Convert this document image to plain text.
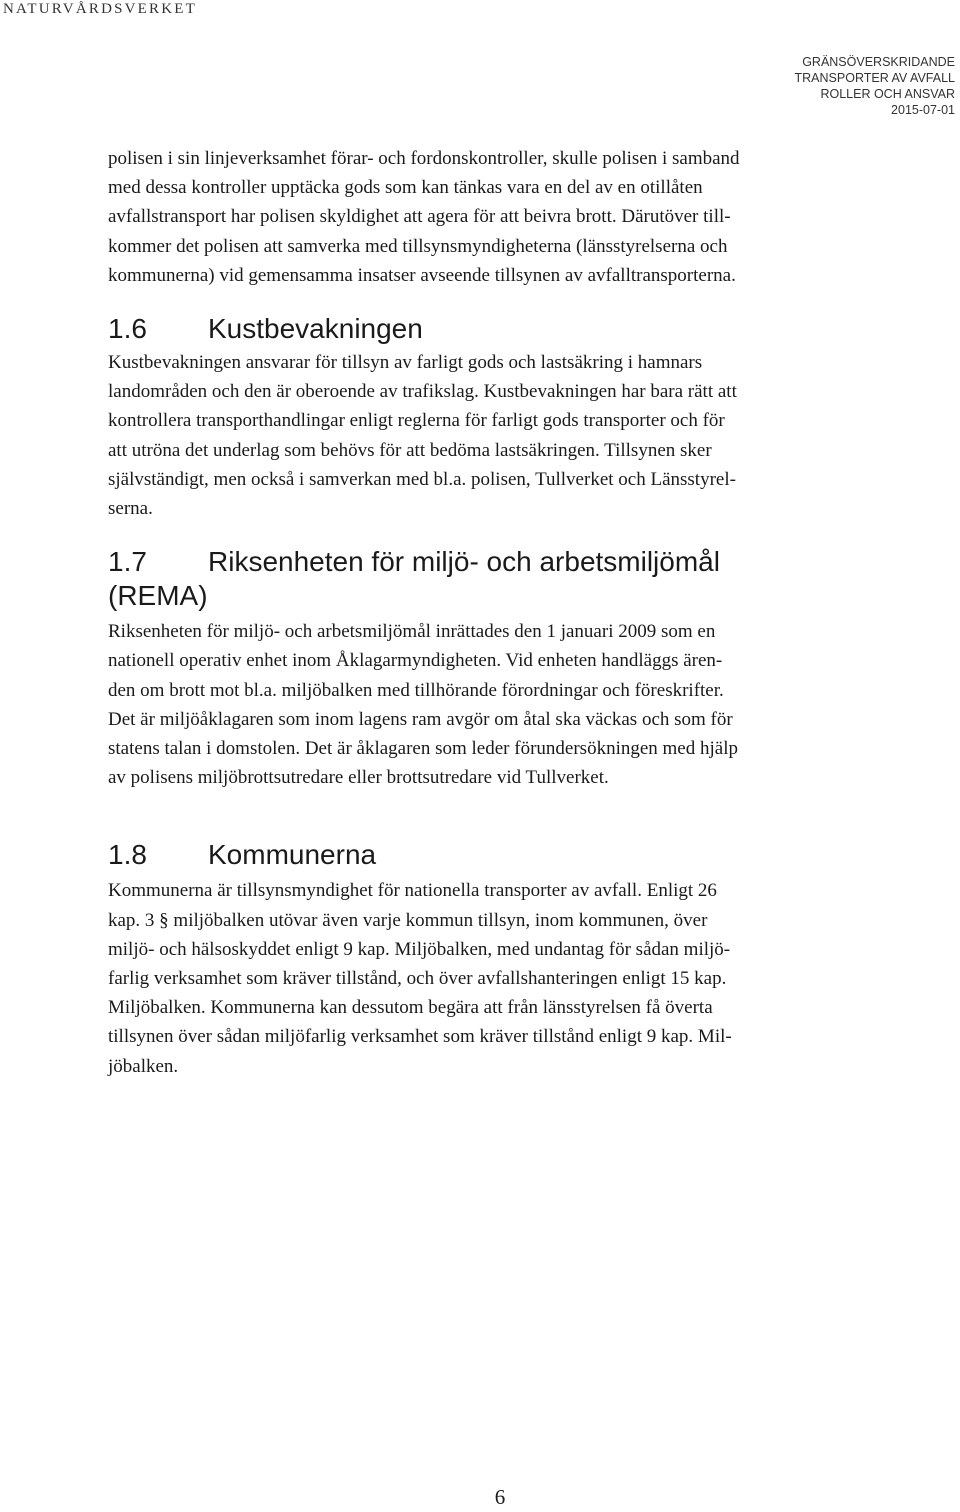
NATURVÅRDSVERKET
GRÄNSÖVERSKRIDANDE
TRANSPORTER AV AVFALL
ROLLER OCH ANSVAR
2015-07-01

polisen i sin linjeverksamhet förar- och fordonskontroller, skulle polisen i samband
med dessa kontroller upptäcka gods som kan tänkas vara en del av en otillåten
avfallstransport har polisen skyldighet att agera för att beivra brott. Därutöver till-
kommer det polisen att samverka med tillsynsmyndigheterna (länsstyrelserna och
kommunerna) vid gemensamma insatser avseende tillsynen av avfalltransporterna.

1.6 Kustbevakningen

Kustbevakningen ansvarar för tillsyn av farligt gods och lastsäkring i hamnars
landområden och den är oberoende av trafikslag. Kustbevakningen har bara rätt att
kontrollera transporthandlingar enligt reglerna för farligt gods transporter och för
att utröna det underlag som behövs för att bedöma lastsäkringen. Tillsynen sker
självständigt, men också i samverkan med bl.a. polisen, Tullverket och Länsstyrel-
serna.

1.7 Riksenheten för miljö- och arbetsmiljömål
(REMA)

Riksenheten för miljö- och arbetsmiljömål inrättades den 1 januari 2009 som en
nationell operativ enhet inom Åklagarmyndigheten. Vid enheten handläggs ären-
den om brott mot bl.a. miljöbalken med tillhörande förordningar och föreskrifter.
Det är miljöåklagaren som inom lagens ram avgör om åtal ska väckas och som för
statens talan i domstolen. Det är åklagaren som leder förundersökningen med hjälp
av polisens miljöbrottsutredare eller brottsutredare vid Tullverket.

1.8 Kommunerna

Kommunerna är tillsynsmyndighet för nationella transporter av avfall. Enligt 26
kap. 3 § miljöbalken utövar även varje kommun tillsyn, inom kommunen, över
miljö- och hälsoskyddet enligt 9 kap. Miljöbalken, med undantag för sådan miljö-
farlig verksamhet som kräver tillstånd, och över avfallshanteringen enligt 15 kap.
Miljöbalken. Kommunerna kan dessutom begära att från länsstyrelsen få överta
tillsynen över sådan miljöfarlig verksamhet som kräver tillstånd enligt 9 kap. Mil-
jöbalken.

6
